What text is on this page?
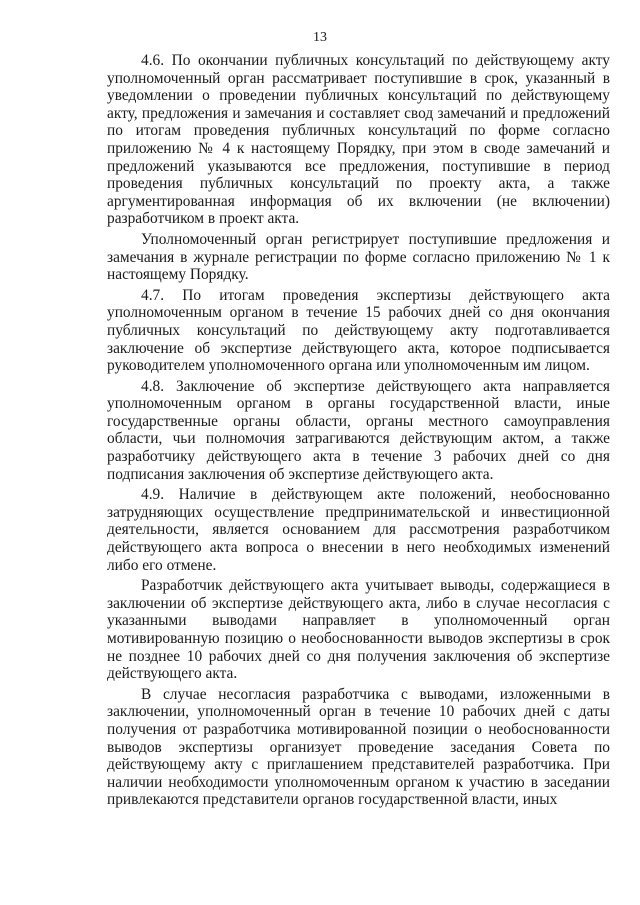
13

4.6. По окончании публичных консультаций по действующему акту уполномоченный орган рассматривает поступившие в срок, указанный в уведомлении о проведении публичных консультаций по действующему акту, предложения и замечания и составляет свод замечаний и предложений по итогам проведения публичных консультаций по форме согласно приложению № 4 к настоящему Порядку, при этом в своде замечаний и предложений указываются все предложения, поступившие в период проведения публичных консультаций по проекту акта, а также аргументированная информация об их включении (не включении) разработчиком в проект акта.

Уполномоченный орган регистрирует поступившие предложения и замечания в журнале регистрации по форме согласно приложению № 1 к настоящему Порядку.

4.7. По итогам проведения экспертизы действующего акта уполномоченным органом в течение 15 рабочих дней со дня окончания публичных консультаций по действующему акту подготавливается заключение об экспертизе действующего акта, которое подписывается руководителем уполномоченного органа или уполномоченным им лицом.

4.8. Заключение об экспертизе действующего акта направляется уполномоченным органом в органы государственной власти, иные государственные органы области, органы местного самоуправления области, чьи полномочия затрагиваются действующим актом, а также разработчику действующего акта в течение 3 рабочих дней со дня подписания заключения об экспертизе действующего акта.

4.9. Наличие в действующем акте положений, необоснованно затрудняющих осуществление предпринимательской и инвестиционной деятельности, является основанием для рассмотрения разработчиком действующего акта вопроса о внесении в него необходимых изменений либо его отмене.

Разработчик действующего акта учитывает выводы, содержащиеся в заключении об экспертизе действующего акта, либо в случае несогласия с указанными выводами направляет в уполномоченный орган мотивированную позицию о необоснованности выводов экспертизы в срок не позднее 10 рабочих дней со дня получения заключения об экспертизе действующего акта.

В случае несогласия разработчика с выводами, изложенными в заключении, уполномоченный орган в течение 10 рабочих дней с даты получения от разработчика мотивированной позиции о необоснованности выводов экспертизы организует проведение заседания Совета по действующему акту с приглашением представителей разработчика. При наличии необходимости уполномоченным органом к участию в заседании привлекаются представители органов государственной власти, иных
